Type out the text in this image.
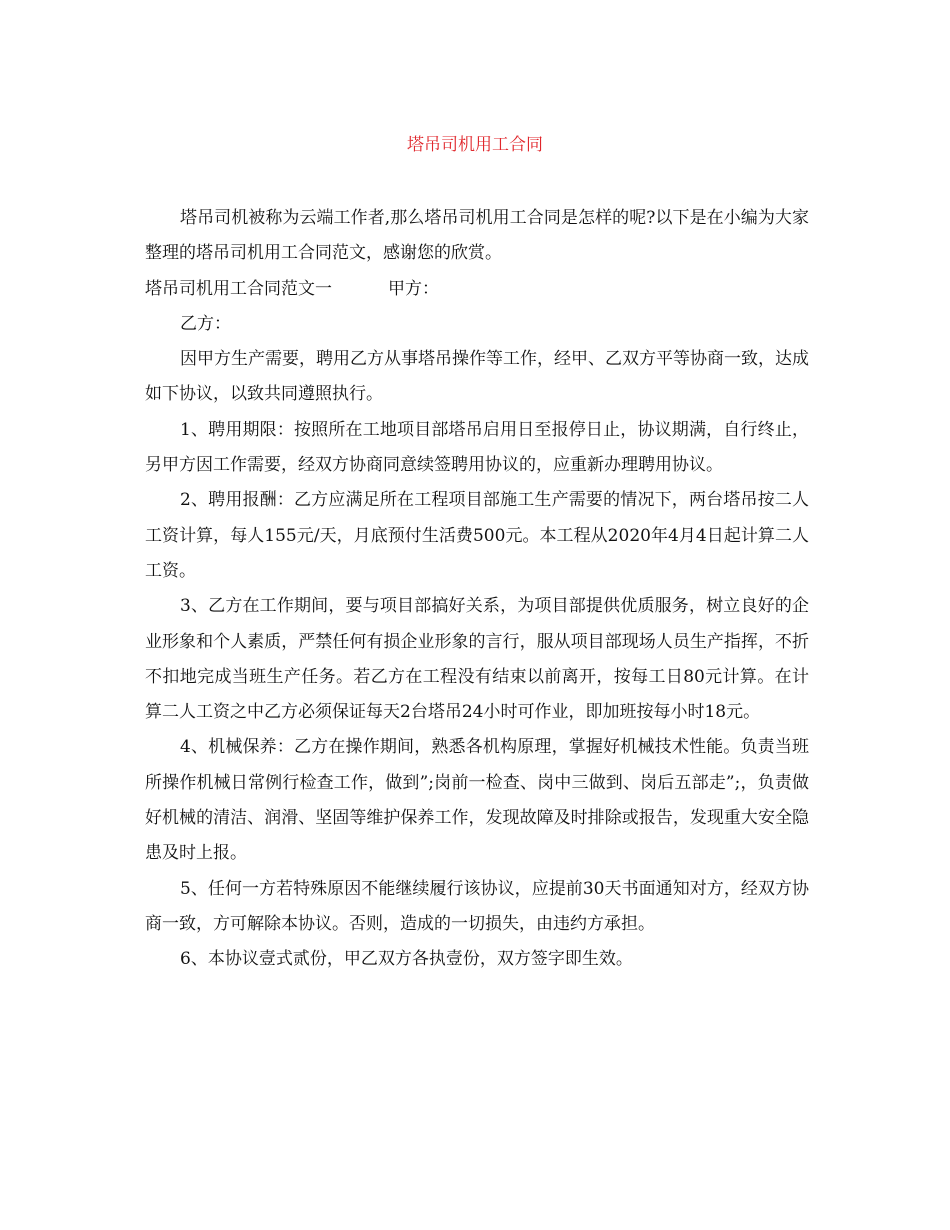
塔吊司机用工合同

塔吊司机被称为云端工作者,那么塔吊司机用工合同是怎样的呢?以下是在小编为大家整理的塔吊司机用工合同范文，感谢您的欣赏。

塔吊司机用工合同范文一	甲方：

乙方：

因甲方生产需要，聘用乙方从事塔吊操作等工作，经甲、乙双方平等协商一致，达成如下协议，以致共同遵照执行。

1、聘用期限：按照所在工地项目部塔吊启用日至报停日止，协议期满，自行终止，另甲方因工作需要，经双方协商同意续签聘用协议的，应重新办理聘用协议。

2、聘用报酬：乙方应满足所在工程项目部施工生产需要的情况下，两台塔吊按二人工资计算，每人155元/天，月底预付生活费500元。本工程从2020年4月4日起计算二人工资。

3、乙方在工作期间，要与项目部搞好关系，为项目部提供优质服务，树立良好的企业形象和个人素质，严禁任何有损企业形象的言行，服从项目部现场人员生产指挥，不折不扣地完成当班生产任务。若乙方在工程没有结束以前离开，按每工日80元计算。在计算二人工资之中乙方必须保证每天2台塔吊24小时可作业，即加班按每小时18元。

4、机械保养：乙方在操作期间，熟悉各机构原理，掌握好机械技术性能。负责当班所操作机械日常例行检查工作，做到”;岗前一检查、岗中三做到、岗后五部走”;，负责做好机械的清洁、润滑、坚固等维护保养工作，发现故障及时排除或报告，发现重大安全隐患及时上报。

5、任何一方若特殊原因不能继续履行该协议，应提前30天书面通知对方，经双方协商一致，方可解除本协议。否则，造成的一切损失，由违约方承担。

6、本协议壹式贰份，甲乙双方各执壹份，双方签字即生效。
